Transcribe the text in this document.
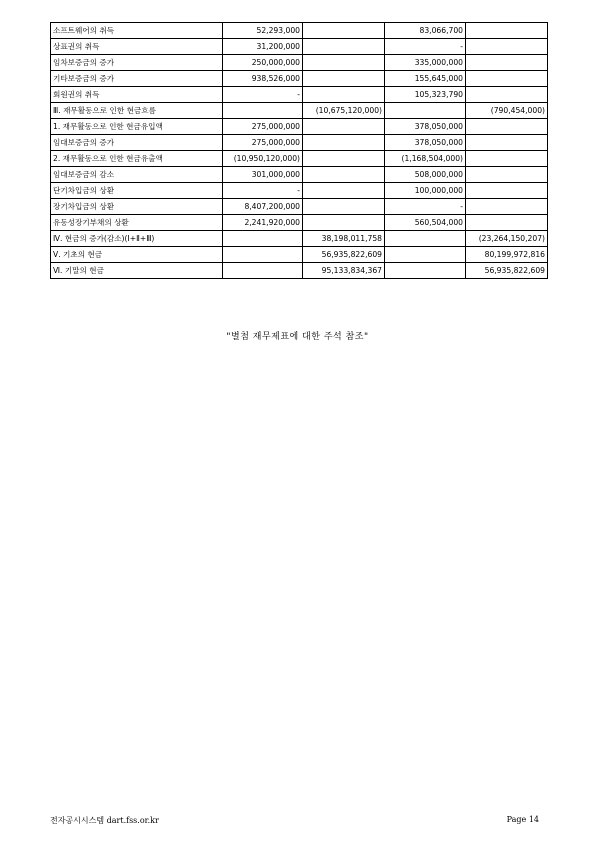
소프트웨어의 취득	52,293,000		83,066,700	
상표권의 취득	31,200,000		-	
임차보증금의 증가	250,000,000		335,000,000	
기타보증금의 증가	938,526,000		155,645,000	
회원권의 취득	-		105,323,790	
Ⅲ. 재무활동으로 인한 현금흐름		(10,675,120,000)		(790,454,000)
1. 재무활동으로 인한 현금유입액	275,000,000		378,050,000	
임대보증금의 증가	275,000,000		378,050,000	
2. 재무활동으로 인한 현금유출액	(10,950,120,000)		(1,168,504,000)	
임대보증금의 감소	301,000,000		508,000,000	
단기차입금의 상환	-		100,000,000	
장기차입금의 상환	8,407,200,000		-	
유동성장기부채의 상환	2,241,920,000		560,504,000	
Ⅳ. 현금의 증가(감소)(Ⅰ+Ⅱ+Ⅲ)		38,198,011,758		(23,264,150,207)
Ⅴ. 기초의 현금		56,935,822,609		80,199,972,816
Ⅵ. 기말의 현금		95,133,834,367		56,935,822,609
"별첨 재무제표에 대한 주석 참조"
전자공시시스템 dart.fss.or.kr	Page 14
